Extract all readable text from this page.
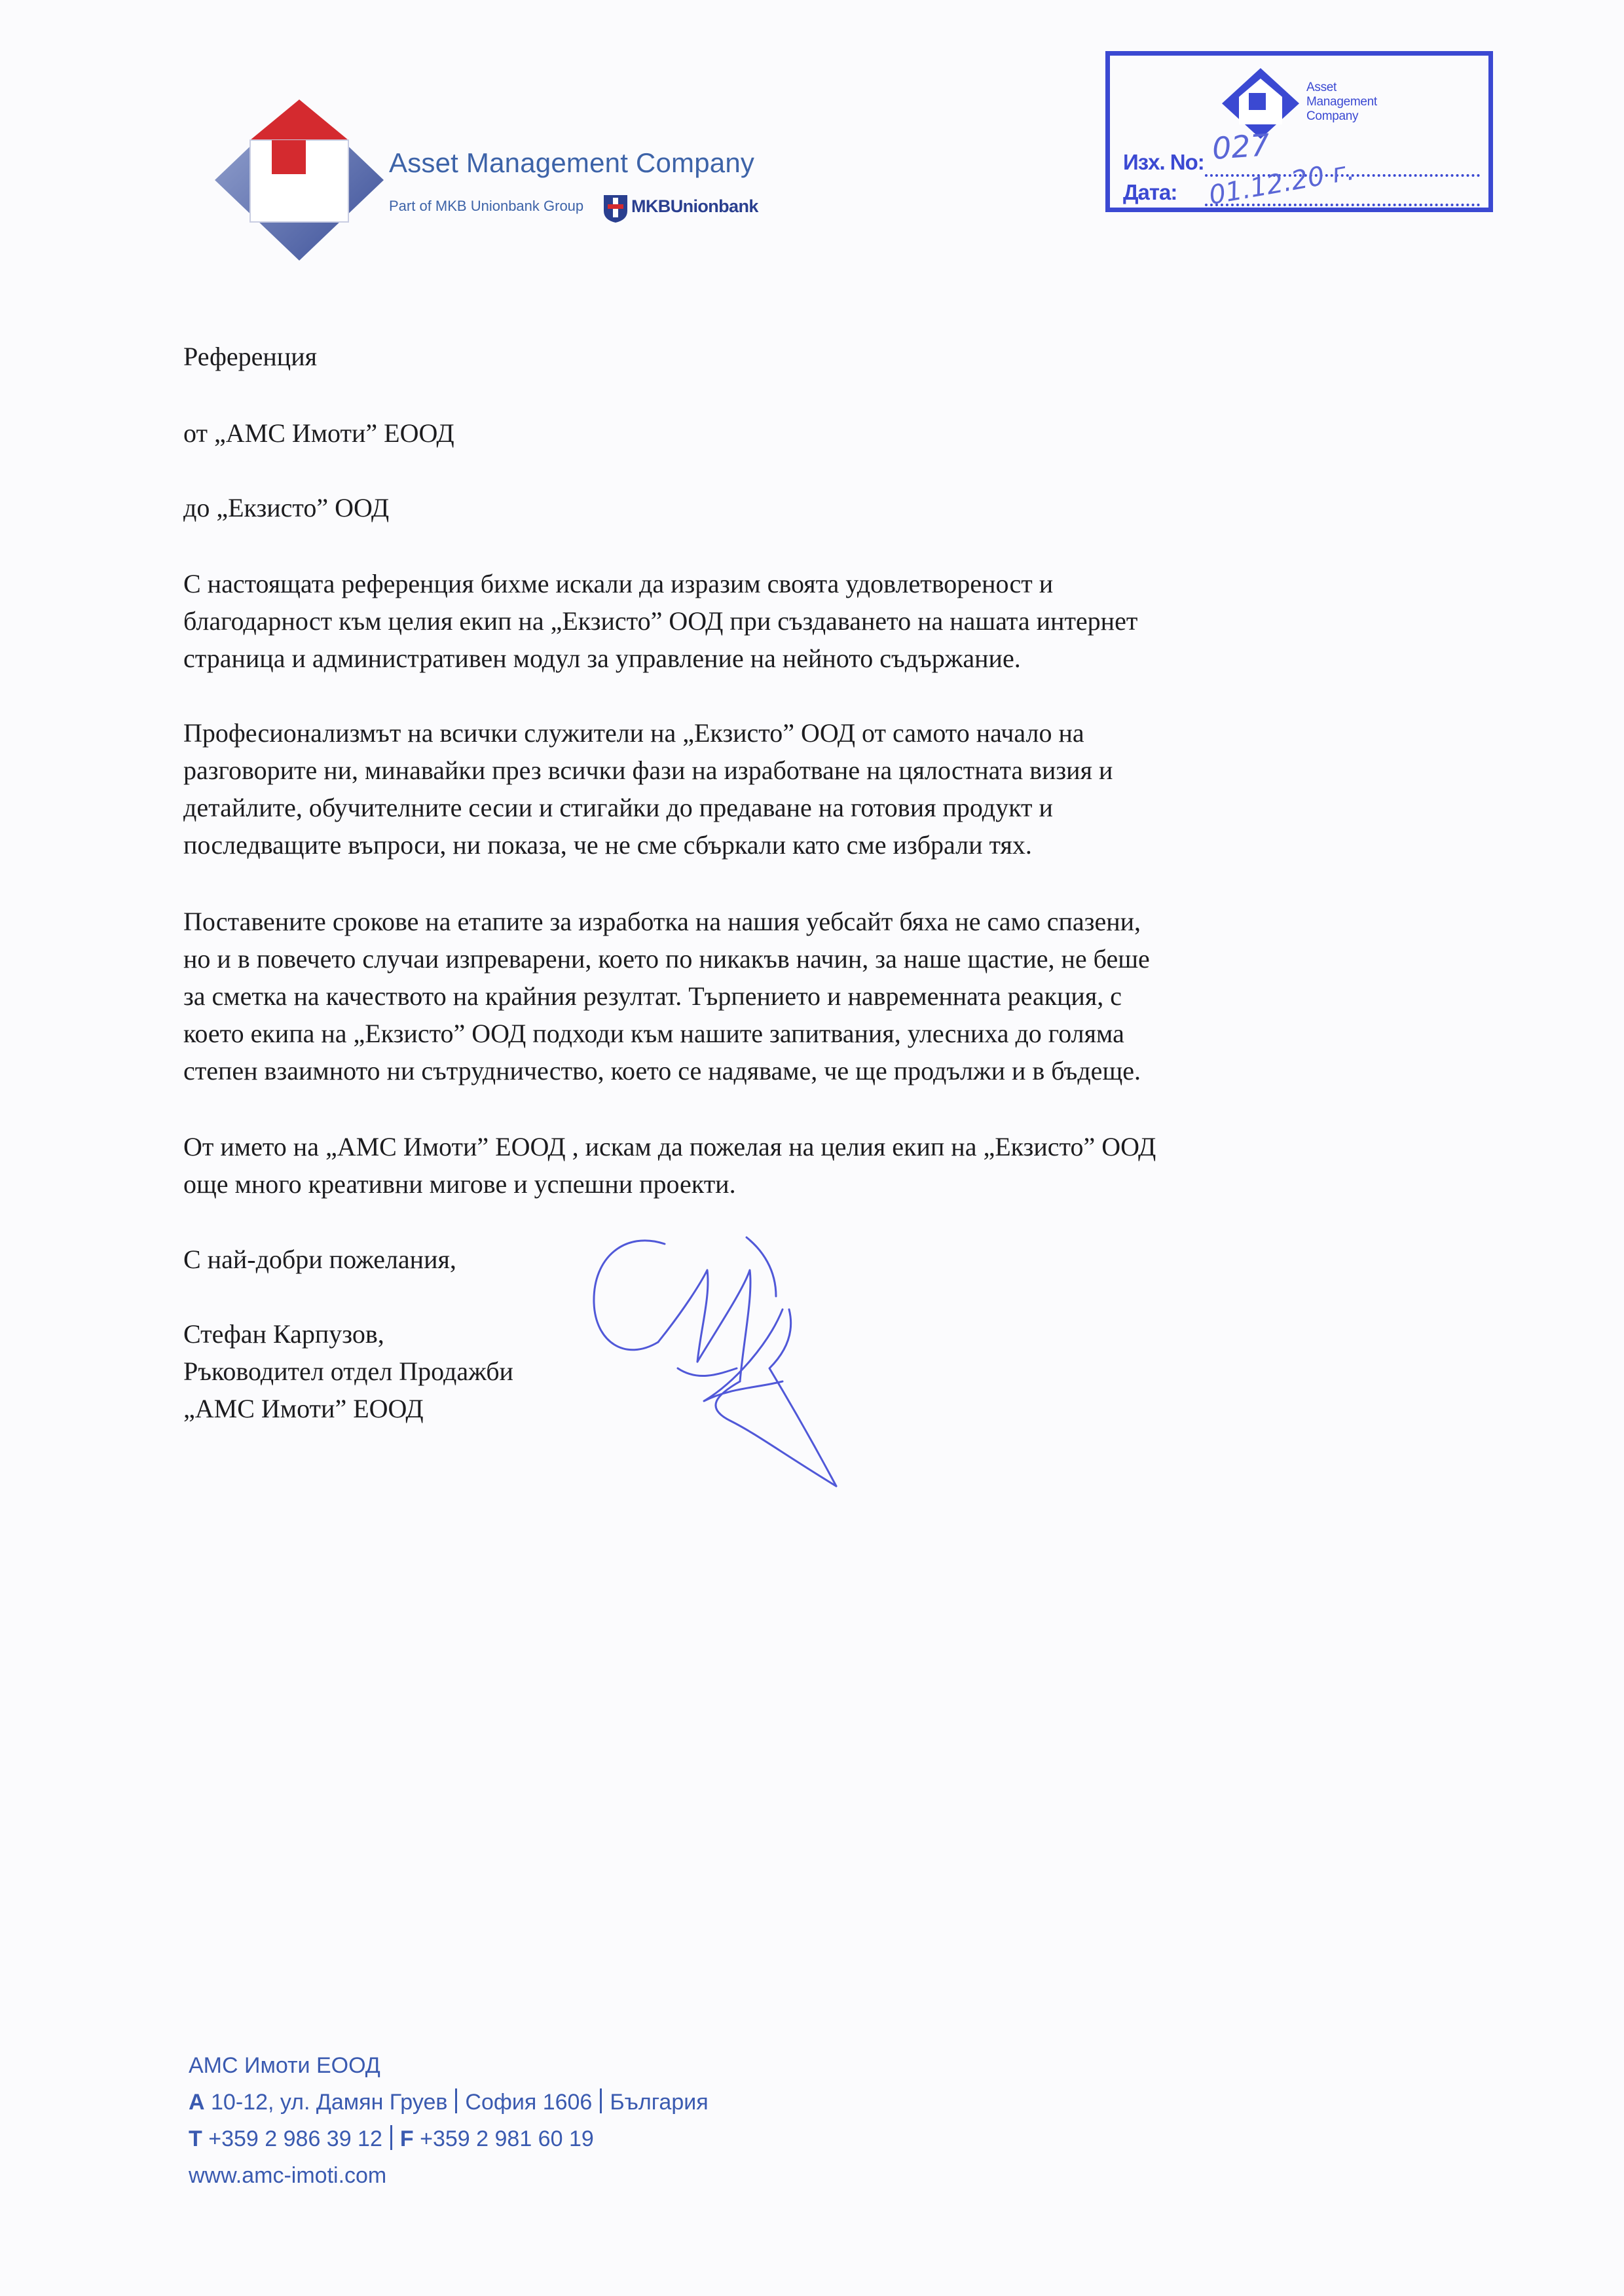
Asset Management Company
Part of MKB Unionbank Group	MKBUnionbank
Asset
Management
Company
Изх. No: 027
Дата: 01.12.20 г.
Референция
от „АМС Имоти” ЕООД
до „Екзисто” ООД
С настоящата референция бихме искали да изразим своята удовлетвореност и
благодарност към целия екип на „Екзисто” ООД при създаването на нашата интернет
страница и административен модул за управление на нейното съдържание.
Професионализмът на всички служители на „Екзисто” ООД от самото начало на
разговорите ни, минавайки през всички фази на изработване на цялостната визия и
детайлите, обучителните сесии и стигайки до предаване на готовия продукт и
последващите въпроси, ни показа, че не сме сбъркали като сме избрали тях.
Поставените срокове на етапите за изработка на нашия уебсайт бяха не само спазени,
но и в повечето случаи изпреварени, което по никакъв начин, за наше щастие, не беше
за сметка на качеството на крайния резултат. Търпението и навременната реакция, с
което екипа на „Екзисто” ООД подходи към нашите запитвания, улесниха до голяма
степен взаимното ни сътрудничество, което се надяваме, че ще продължи и в бъдеще.
От името на „АМС Имоти” ЕООД , искам да пожелая на целия екип на „Екзисто” ООД
още много креативни мигове и успешни проекти.
С най-добри пожелания,
Стефан Карпузов,
Ръководител отдел Продажби
„АМС Имоти” ЕООД
АМС Имоти ЕООД
A 10-12, ул. Дамян Груев София 1606 България
T +359 2 986 39 12 F +359 2 981 60 19
www.amc-imoti.com
